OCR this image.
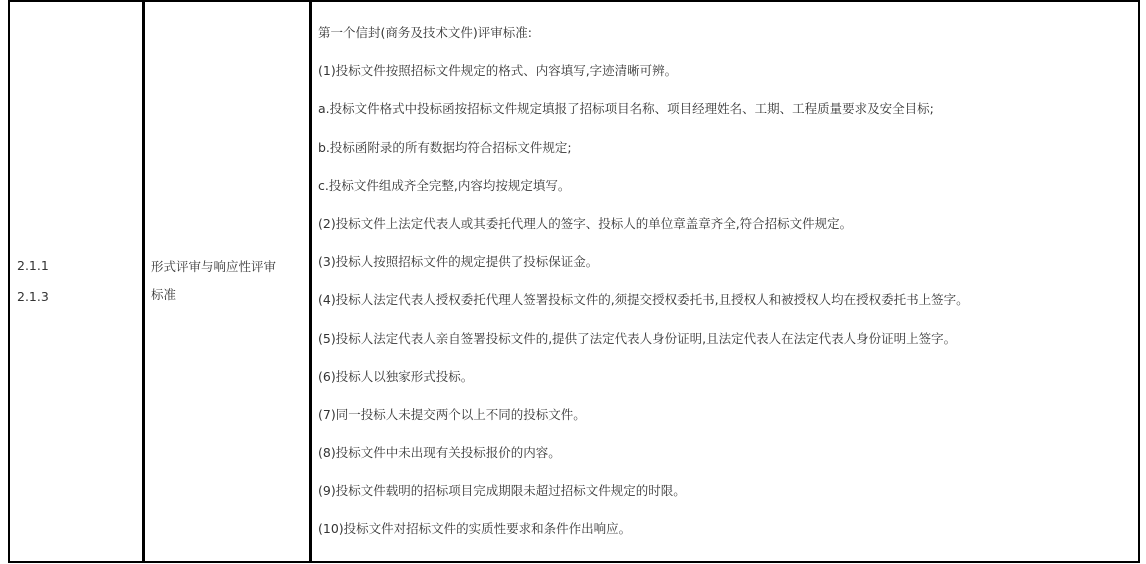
2.1.1
2.1.3

形式评审与响应性评审
标准

第一个信封(商务及技术文件)评审标准:
(1)投标文件按照招标文件规定的格式、内容填写,字迹清晰可辨。
a.投标文件格式中投标函按招标文件规定填报了招标项目名称、项目经理姓名、工期、工程质量要求及安全目标;
b.投标函附录的所有数据均符合招标文件规定;
c.投标文件组成齐全完整,内容均按规定填写。
(2)投标文件上法定代表人或其委托代理人的签字、投标人的单位章盖章齐全,符合招标文件规定。
(3)投标人按照招标文件的规定提供了投标保证金。
(4)投标人法定代表人授权委托代理人签署投标文件的,须提交授权委托书,且授权人和被授权人均在授权委托书上签字。
(5)投标人法定代表人亲自签署投标文件的,提供了法定代表人身份证明,且法定代表人在法定代表人身份证明上签字。
(6)投标人以独家形式投标。
(7)同一投标人未提交两个以上不同的投标文件。
(8)投标文件中未出现有关投标报价的内容。
(9)投标文件载明的招标项目完成期限未超过招标文件规定的时限。
(10)投标文件对招标文件的实质性要求和条件作出响应。
